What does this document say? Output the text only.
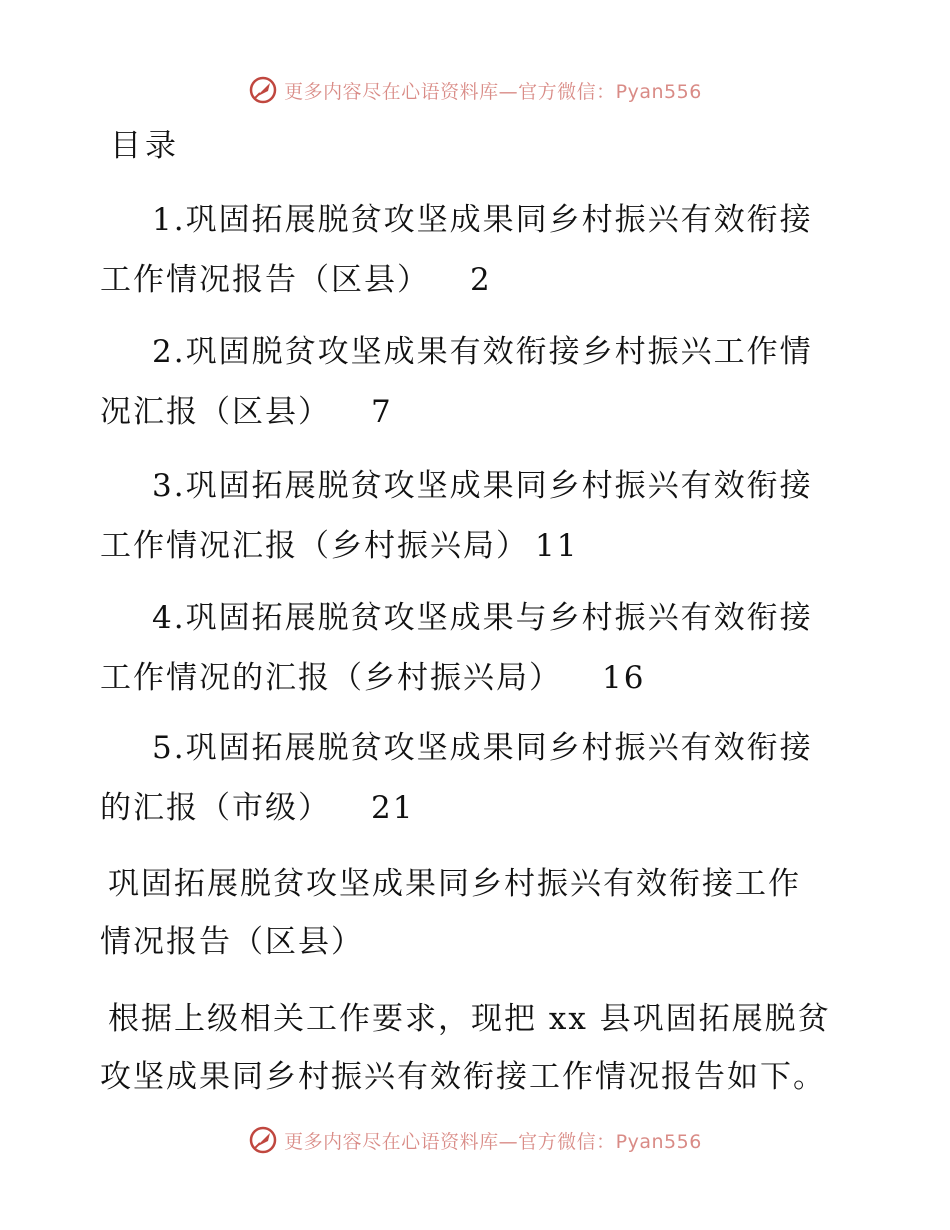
更多内容尽在心语资料库—官方微信：Pyan556
目录
1.巩固拓展脱贫攻坚成果同乡村振兴有效衔接
工作情况报告（区县） 2
2.巩固脱贫攻坚成果有效衔接乡村振兴工作情
况汇报（区县） 7
3.巩固拓展脱贫攻坚成果同乡村振兴有效衔接
工作情况汇报（乡村振兴局） 11
4.巩固拓展脱贫攻坚成果与乡村振兴有效衔接
工作情况的汇报（乡村振兴局） 16
5.巩固拓展脱贫攻坚成果同乡村振兴有效衔接
的汇报（市级） 21
巩固拓展脱贫攻坚成果同乡村振兴有效衔接工作
情况报告（区县）
根据上级相关工作要求，现把 xx 县巩固拓展脱贫
攻坚成果同乡村振兴有效衔接工作情况报告如下。
更多内容尽在心语资料库—官方微信：Pyan556
